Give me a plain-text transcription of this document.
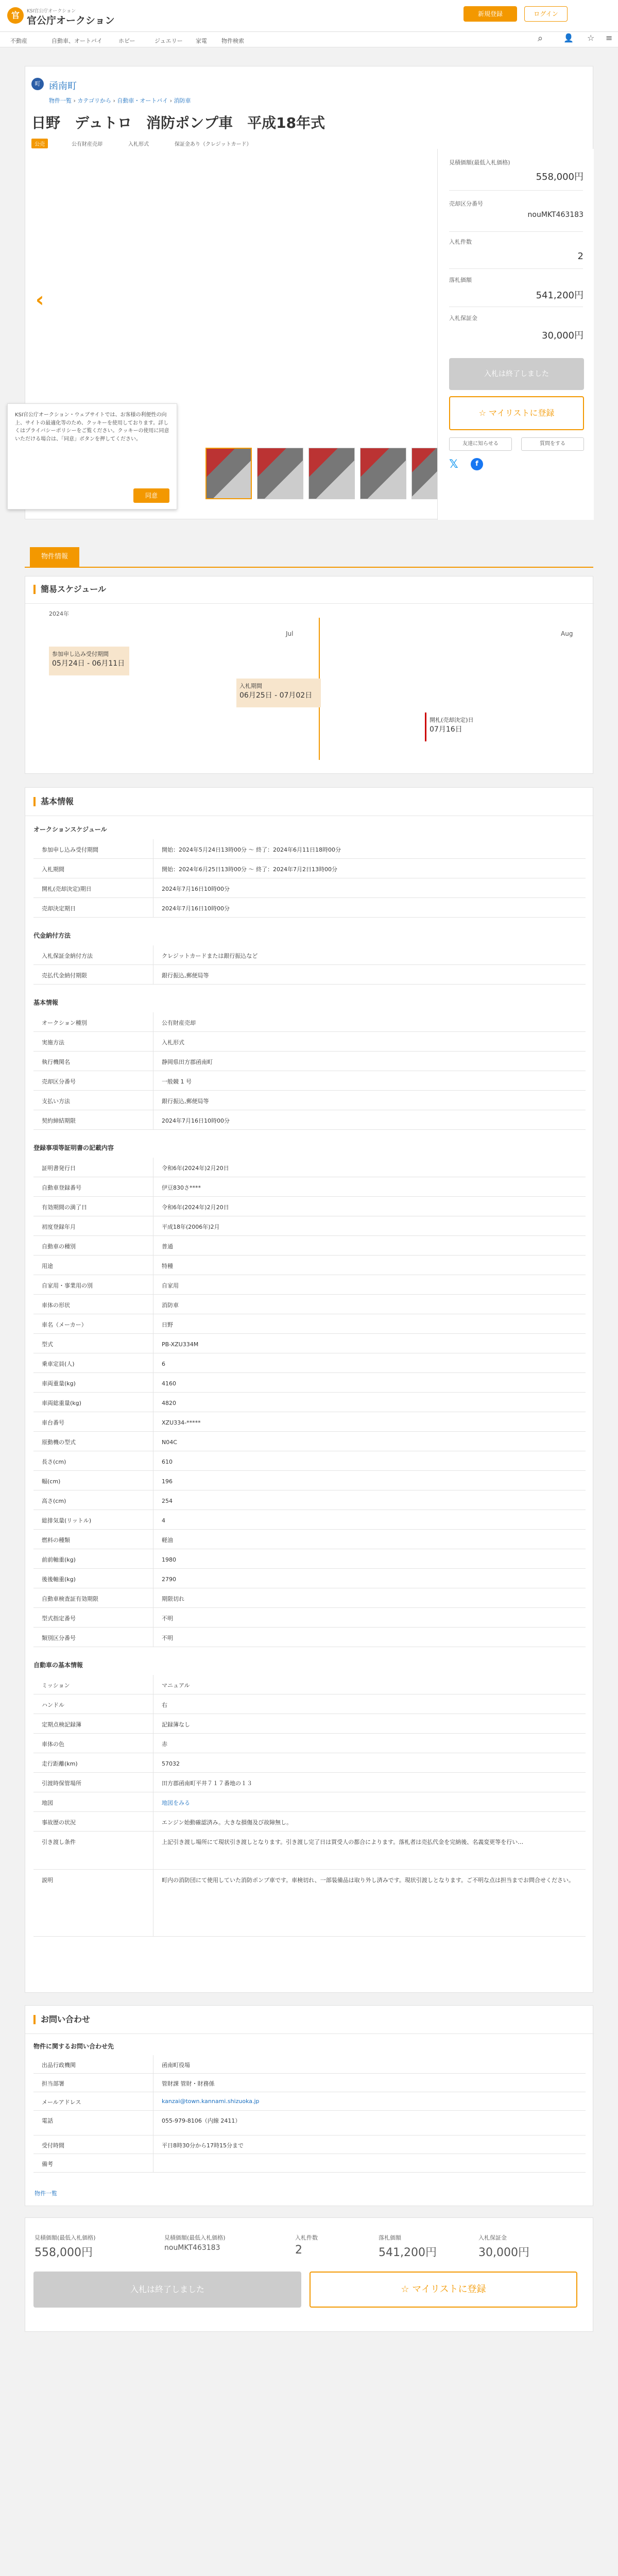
官	KSI官公庁オークション
官公庁オークション
新規登録	ログイン
不動産	自動車、オートバイ	ホビー	ジュエリー 家電	物件検索	⌕ 👤 ☆ ≡
町 函南町
物件一覧 › カテゴリから › 自動車・オートバイ › 消防車
日野　デュトロ　消防ポンプ車　平成18年式
公売	公有財産売却	入札形式	保証金あり（クレジットカード）
‹
見積価額(最低入札価格)
558,000円
売却区分番号
nouMKT463183
入札件数
2
落札価額
541,200円
入札保証金
30,000円
入札は終了しました
☆ マイリストに登録
友達に知らせる	質問をする
𝕏	f
KSI官公庁オークション・ウェブサイトでは、お客様の利便性の向上、サイトの最適化等のため、クッキーを使用しております。詳しくはプライバシーポリシーをご覧ください。クッキーの使用に同意いただける場合は、「同意」ボタンを押してください。
同意
物件情報
簡易スケジュール
2024年
Jul	Aug
参加申し込み受付期間
05月24日 - 06月11日
入札期間
06月25日 - 07月02日
開札(売却決定)日
07月16日
基本情報
オークションスケジュール
参加申し込み受付期間	開始：2024年5月24日13時00分 ～ 終了：2024年6月11日18時00分
入札期間	開始：2024年6月25日13時00分 ～ 終了：2024年7月2日13時00分
開札(売却決定)期日	2024年7月16日10時00分
売却決定期日	2024年7月16日10時00分
代金納付方法
入札保証金納付方法	クレジットカードまたは銀行振込など
売払代金納付期限	銀行振込,郵便局等
基本情報
オークション種別	公有財産売却
実施方法	入札形式
執行機関名	静岡県田方郡函南町
売却区分番号	一般競 1 号
支払い方法	銀行振込,郵便局等
契約締結期限	2024年7月16日10時00分
登録事項等証明書の記載内容
証明書発行日	令和6年(2024年)2月20日
自動車登録番号	伊豆830さ****
有効期間の満了日	令和6年(2024年)2月20日
初度登録年月	平成18年(2006年)2月
自動車の種別	普通
用途	特種
自家用・事業用の別	自家用
車体の形状	消防車
車名（メーカー）	日野
型式	PB-XZU334M
乗車定員(人)	6
車両重量(kg)	4160
車両総重量(kg)	4820
車台番号	XZU334-*****
原動機の型式	N04C
長さ(cm)	610
幅(cm)	196
高さ(cm)	254
総排気量(リットル)	4
燃料の種類	軽油
前前軸重(kg)	1980
後後軸重(kg)	2790
自動車検査証有効期限	期限切れ
型式指定番号	不明
類別区分番号	不明
自動車の基本情報
ミッション	マニュアル
ハンドル	右
定期点検記録簿	記録簿なし
車体の色	赤
走行距離(km)	57032
引渡時保管場所	田方郡函南町平井７１７番地の１３
地図	地図をみる
事故歴の状況	エンジン始動確認済み。大きな損傷及び故障無し。
引き渡し条件	上記引き渡し場所にて現状引き渡しとなります。引き渡し完了日は買受人の都合によります。落札者は売払代金を完納後、名義変更等を行い…
説明	町内の消防団にて使用していた消防ポンプ車です。車検切れ、一部装備品は取り外し済みです。現状引渡しとなります。ご不明な点は担当までお問合せください。
お問い合わせ
物件に関するお問い合わせ先
出品行政機関	函南町役場
担当部署	管財課 管財・財務係
メールアドレス	kanzai@town.kannami.shizuoka.jp
電話	055-979-8106（内線 2411）
受付時間	平日8時30分から17時15分まで
備考
物件一覧
見積価額(最低入札価格)
558,000円
見積価額(最低入札価格)
nouMKT463183
入札件数
2
落札価額
541,200円
入札保証金
30,000円
入札は終了しました	☆ マイリストに登録
